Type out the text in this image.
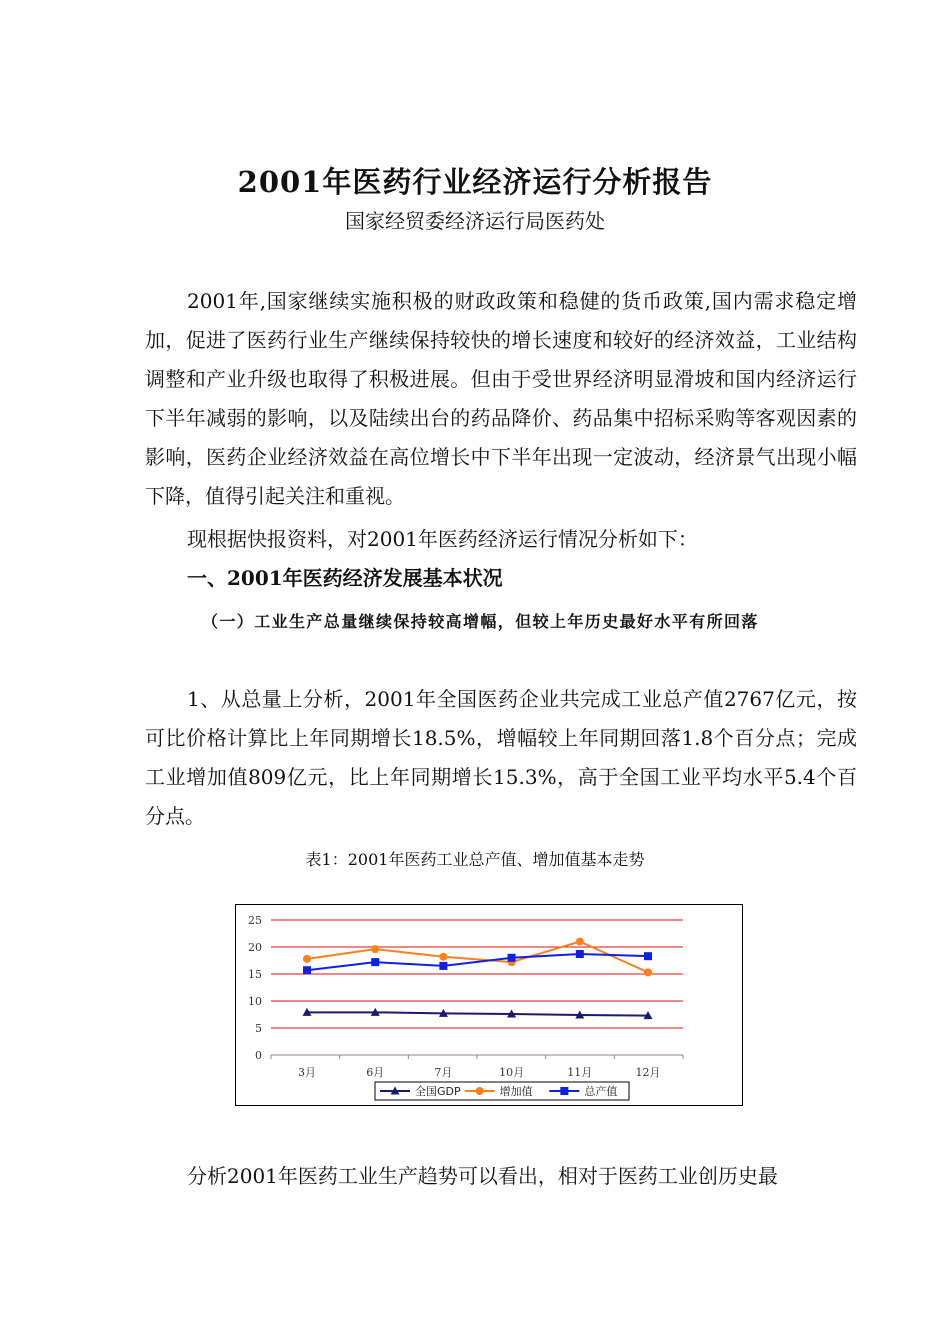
2001年医药行业经济运行分析报告
国家经贸委经济运行局医药处

2001年,国家继续实施积极的财政政策和稳健的货币政策,国内需求稳定增加，促进了医药行业生产继续保持较快的增长速度和较好的经济效益，工业结构调整和产业升级也取得了积极进展。但由于受世界经济明显滑坡和国内经济运行下半年减弱的影响，以及陆续出台的药品降价、药品集中招标采购等客观因素的影响，医药企业经济效益在高位增长中下半年出现一定波动，经济景气出现小幅下降，值得引起关注和重视。

现根据快报资料，对2001年医药经济运行情况分析如下：

一、2001年医药经济发展基本状况
（一）工业生产总量继续保持较高增幅，但较上年历史最好水平有所回落

1、从总量上分析，2001年全国医药企业共完成工业总产值2767亿元，按可比价格计算比上年同期增长18.5%，增幅较上年同期回落1.8个百分点；完成工业增加值809亿元，比上年同期增长15.3%，高于全国工业平均水平5.4个百分点。

表1：2001年医药工业总产值、增加值基本走势
0
5
10
15
20
25
3月	6月	7月	10月	11月	12月
全国GDP	增加值	总产值

分析2001年医药工业生产趋势可以看出，相对于医药工业创历史最
